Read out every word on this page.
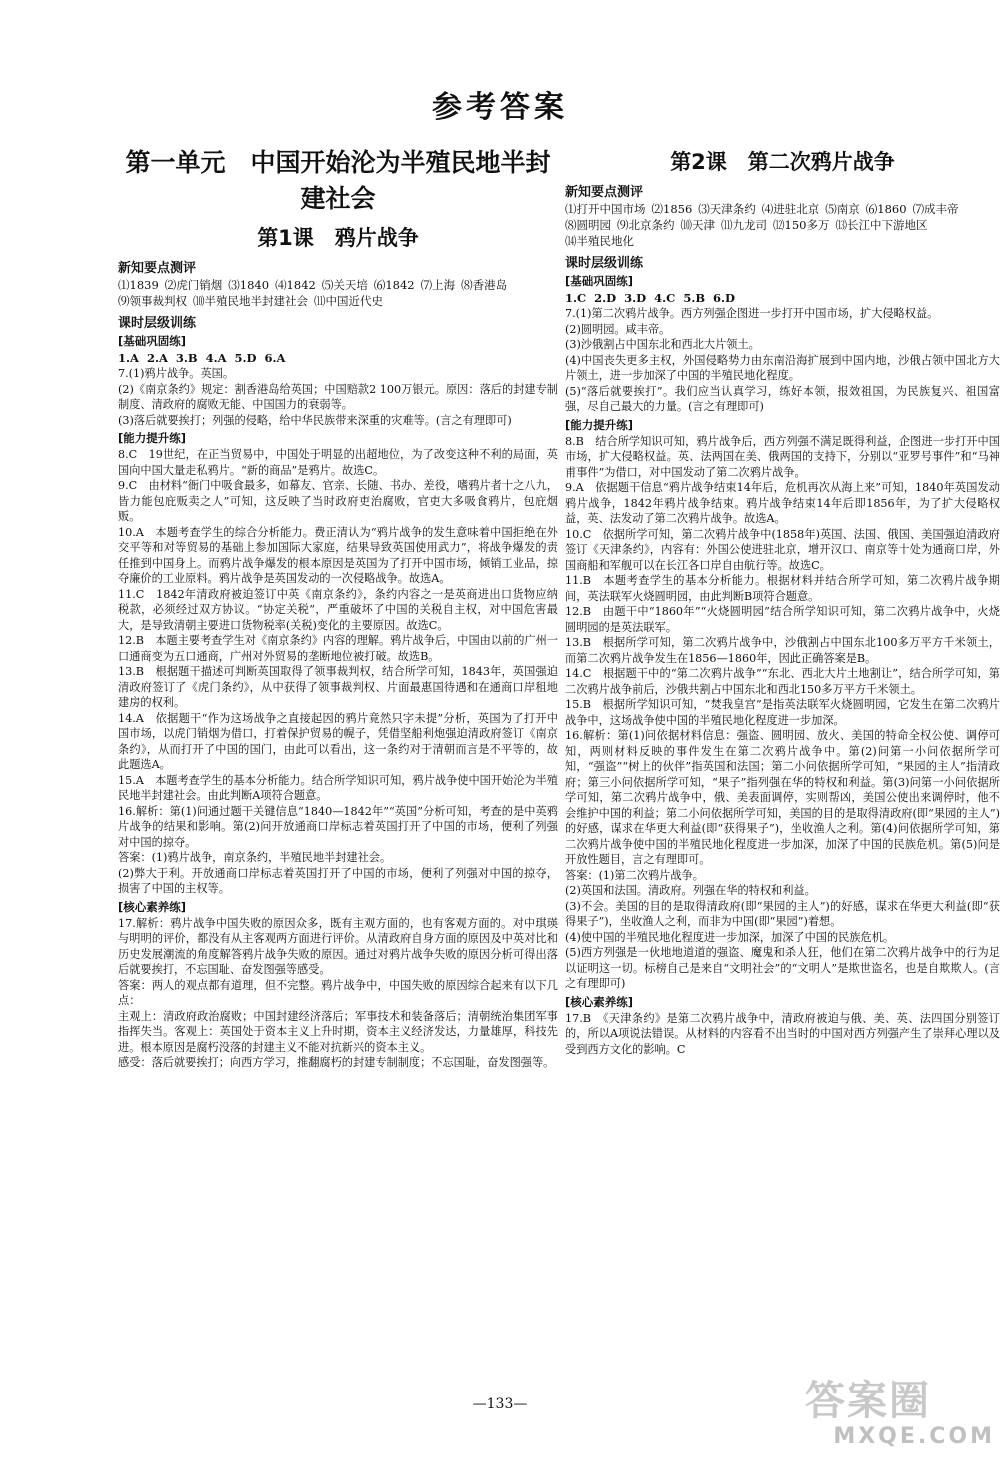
参考答案
第一单元　中国开始沦为半殖民地半封建社会
第1课　鸦片战争
新知要点测评

⑴1839 ⑵虎门销烟 ⑶1840 ⑷1842 ⑸关天培 ⑹1842 ⑺上海 ⑻香港岛⑼领事裁判权 ⑽半殖民地半封建社会 ⑾中国近代史

课时层级训练
[基础巩固练]

1.A 2.A 3.B 4.A 5.D 6.A

7.(1)鸦片战争。英国。

(2)《南京条约》规定：割香港岛给英国；中国赔款2 100万银元。原因：落后的封建专制制度、清政府的腐败无能、中国国力的衰弱等。

(3)落后就要挨打；列强的侵略，给中华民族带来深重的灾难等。(言之有理即可)

[能力提升练]

8.C　19世纪，在正当贸易中，中国处于明显的出超地位，为了改变这种不利的局面，英国向中国大量走私鸦片。“新的商品”是鸦片。故选C。

9.C　由材料“衙门中吸食最多，如幕友、官亲、长随、书办、差役，嗜鸦片者十之八九，皆力能包庇贩卖之人”可知，这反映了当时政府吏治腐败，官吏大多吸食鸦片，包庇烟贩。

10.A　本题考查学生的综合分析能力。费正清认为“鸦片战争的发生意味着中国拒绝在外交平等和对等贸易的基础上参加国际大家庭，结果导致英国使用武力”，将战争爆发的责任推到中国身上。而鸦片战争爆发的根本原因是英国为了打开中国市场，倾销工业品，掠夺廉价的工业原料。鸦片战争是英国发动的一次侵略战争。故选A。

11.C　1842年清政府被迫签订中英《南京条约》，条约内容之一是英商进出口货物应纳税款，必须经过双方协议。“协定关税”，严重破坏了中国的关税自主权，对中国危害最大，是导致清朝主要进口货物税率(关税)变化的主要原因。故选C。

12.B　本题主要考查学生对《南京条约》内容的理解。鸦片战争后，中国由以前的广州一口通商变为五口通商，广州对外贸易的垄断地位被打破。故选B。

13.B　根据题干描述可判断英国取得了领事裁判权，结合所学可知，1843年，英国强迫清政府签订了《虎门条约》，从中获得了领事裁判权、片面最惠国待遇和在通商口岸租地建房的权利。

14.A　依据题干“作为这场战争之直接起因的鸦片竟然只字未提”分析，英国为了打开中国市场，以虎门销烟为借口，打着保护贸易的幌子，凭借坚船利炮强迫清政府签订《南京条约》，从而打开了中国的国门，由此可以看出，这一条约对于清朝而言是不平等的，故此题选A。

15.A　本题考查学生的基本分析能力。结合所学知识可知，鸦片战争使中国开始沦为半殖民地半封建社会。由此判断A项符合题意。

16.解析：第(1)问通过题干关键信息“1840—1842年”“英国”分析可知，考查的是中英鸦片战争的结果和影响。第(2)问开放通商口岸标志着英国打开了中国的市场，便利了列强对中国的掠夺。

答案：(1)鸦片战争，南京条约，半殖民地半封建社会。

(2)弊大于利。开放通商口岸标志着英国打开了中国的市场，便利了列强对中国的掠夺，损害了中国的主权等。

[核心素养练]

17.解析：鸦片战争中国失败的原因众多，既有主观方面的，也有客观方面的。对中琪瑛与明明的评价，都没有从主客观两方面进行评价。从清政府自身方面的原因及中英对比和历史发展潮流的角度解答鸦片战争失败的原因。通过对鸦片战争失败的原因分析可得出落后就要挨打，不忘国耻、奋发图强等感受。

答案：两人的观点都有道理，但不完整。鸦片战争中，中国失败的原因综合起来有以下几点：

主观上：清政府政治腐败；中国封建经济落后；军事技术和装备落后；清朝统治集团军事指挥失当。客观上：英国处于资本主义上升时期，资本主义经济发达，力量雄厚，科技先进。根本原因是腐朽没落的封建主义不能对抗新兴的资本主义。

感受：落后就要挨打；向西方学习，推翻腐朽的封建专制制度；不忘国耻，奋发图强等。

第2课　第二次鸦片战争
新知要点测评

⑴打开中国市场 ⑵1856 ⑶天津条约 ⑷进驻北京 ⑸南京 ⑹1860 ⑺成丰帝⑻圆明园 ⑼北京条约 ⑽天津 ⑾九龙司 ⑿150多万 ⒀长江中下游地区⒁半殖民地化

课时层级训练
[基础巩固练]

1.C 2.D 3.D 4.C 5.B 6.D

7.(1)第二次鸦片战争。西方列强企图进一步打开中国市场，扩大侵略权益。

(2)圆明园。咸丰帝。

(3)沙俄割占中国东北和西北大片领土。

(4)中国丧失更多主权，外国侵略势力由东南沿海扩展到中国内地，沙俄占领中国北方大片领土，进一步加深了中国的半殖民地化程度。

(5)“落后就要挨打”。我们应当认真学习，练好本领，报效祖国，为民族复兴、祖国富强，尽自己最大的力量。(言之有理即可)

[能力提升练]

8.B　结合所学知识可知，鸦片战争后，西方列强不满足既得利益，企图进一步打开中国市场，扩大侵略权益。英、法两国在美、俄两国的支持下，分别以“亚罗号事件”和“马神甫事件”为借口，对中国发动了第二次鸦片战争。

9.A　依据题干信息“鸦片战争结束14年后，危机再次从海上来”可知，1840年英国发动鸦片战争，1842年鸦片战争结束。鸦片战争结束14年后即1856年，为了扩大侵略权益，英、法发动了第二次鸦片战争。故选A。

10.C　依据所学可知，第二次鸦片战争中(1858年)英国、法国、俄国、美国强迫清政府签订《天津条约》，内容有：外国公使进驻北京，增开汉口、南京等十处为通商口岸，外国商船和军舰可以在长江各口岸自由航行等。故选C。

11.B　本题考查学生的基本分析能力。根据材料并结合所学可知，第二次鸦片战争期间，英法联军火烧圆明园，由此判断B项符合题意。

12.B　由题干中“1860年”“火烧圆明园”结合所学知识可知，第二次鸦片战争中，火烧圆明园的是英法联军。

13.B　根据所学可知，第二次鸦片战争中，沙俄割占中国东北100多万平方千米领土，而第二次鸦片战争发生在1856—1860年，因此正确答案是B。

14.C　根据题干中的“第二次鸦片战争”“东北、西北大片土地割让”，结合所学可知，第二次鸦片战争前后，沙俄共割占中国东北和西北150多万平方千米领土。

15.B　根据所学知识可知，“焚我皇宫”是指英法联军火烧圆明园，它发生在第二次鸦片战争中，这场战争使中国的半殖民地化程度进一步加深。

16.解析：第(1)问依据材料信息：强盗、圆明园、放火、美国的特命全权公使、调停可知，两则材料反映的事件发生在第二次鸦片战争中。第(2)问第一小问依据所学可知，“强盗”“树上的伙伴”指英国和法国；第二小问依据所学可知，“果园的主人”指清政府；第三小问依据所学可知，“果子”指列强在华的特权和利益。第(3)问第一小问依据所学可知，第二次鸦片战争中，俄、美表面调停，实则帮凶，美国公使出来调停时，他不会维护中国的利益；第二小问依据所学可知，美国的目的是取得清政府(即“果园的主人”)的好感，谋求在华更大利益(即“获得果子”)，坐收渔人之利。第(4)问依据所学可知，第二次鸦片战争使中国的半殖民地化程度进一步加深，加深了中国的民族危机。第(5)问是开放性题目，言之有理即可。

答案：(1)第二次鸦片战争。

(2)英国和法国。清政府。列强在华的特权和利益。

(3)不会。美国的目的是取得清政府(即“果园的主人”)的好感，谋求在华更大利益(即“获得果子”)，坐收渔人之利，而非为中国(即“果园”)着想。

(4)使中国的半殖民地化程度进一步加深，加深了中国的民族危机。

(5)西方列强是一伙地地道道的强盗、魔鬼和杀人狂，他们在第二次鸦片战争中的行为足以证明这一切。标榜自己是来自“文明社会”的“文明人”是欺世盗名，也是自欺欺人。(言之有理即可)

[核心素养练]

17.B　《天津条约》是第二次鸦片战争中，清政府被迫与俄、美、英、法四国分别签订的，所以A项说法错误。从材料的内容看不出当时的中国对西方列强产生了崇拜心理以及受到西方文化的影响。C

—133—	答案圈
MXQE.COM
